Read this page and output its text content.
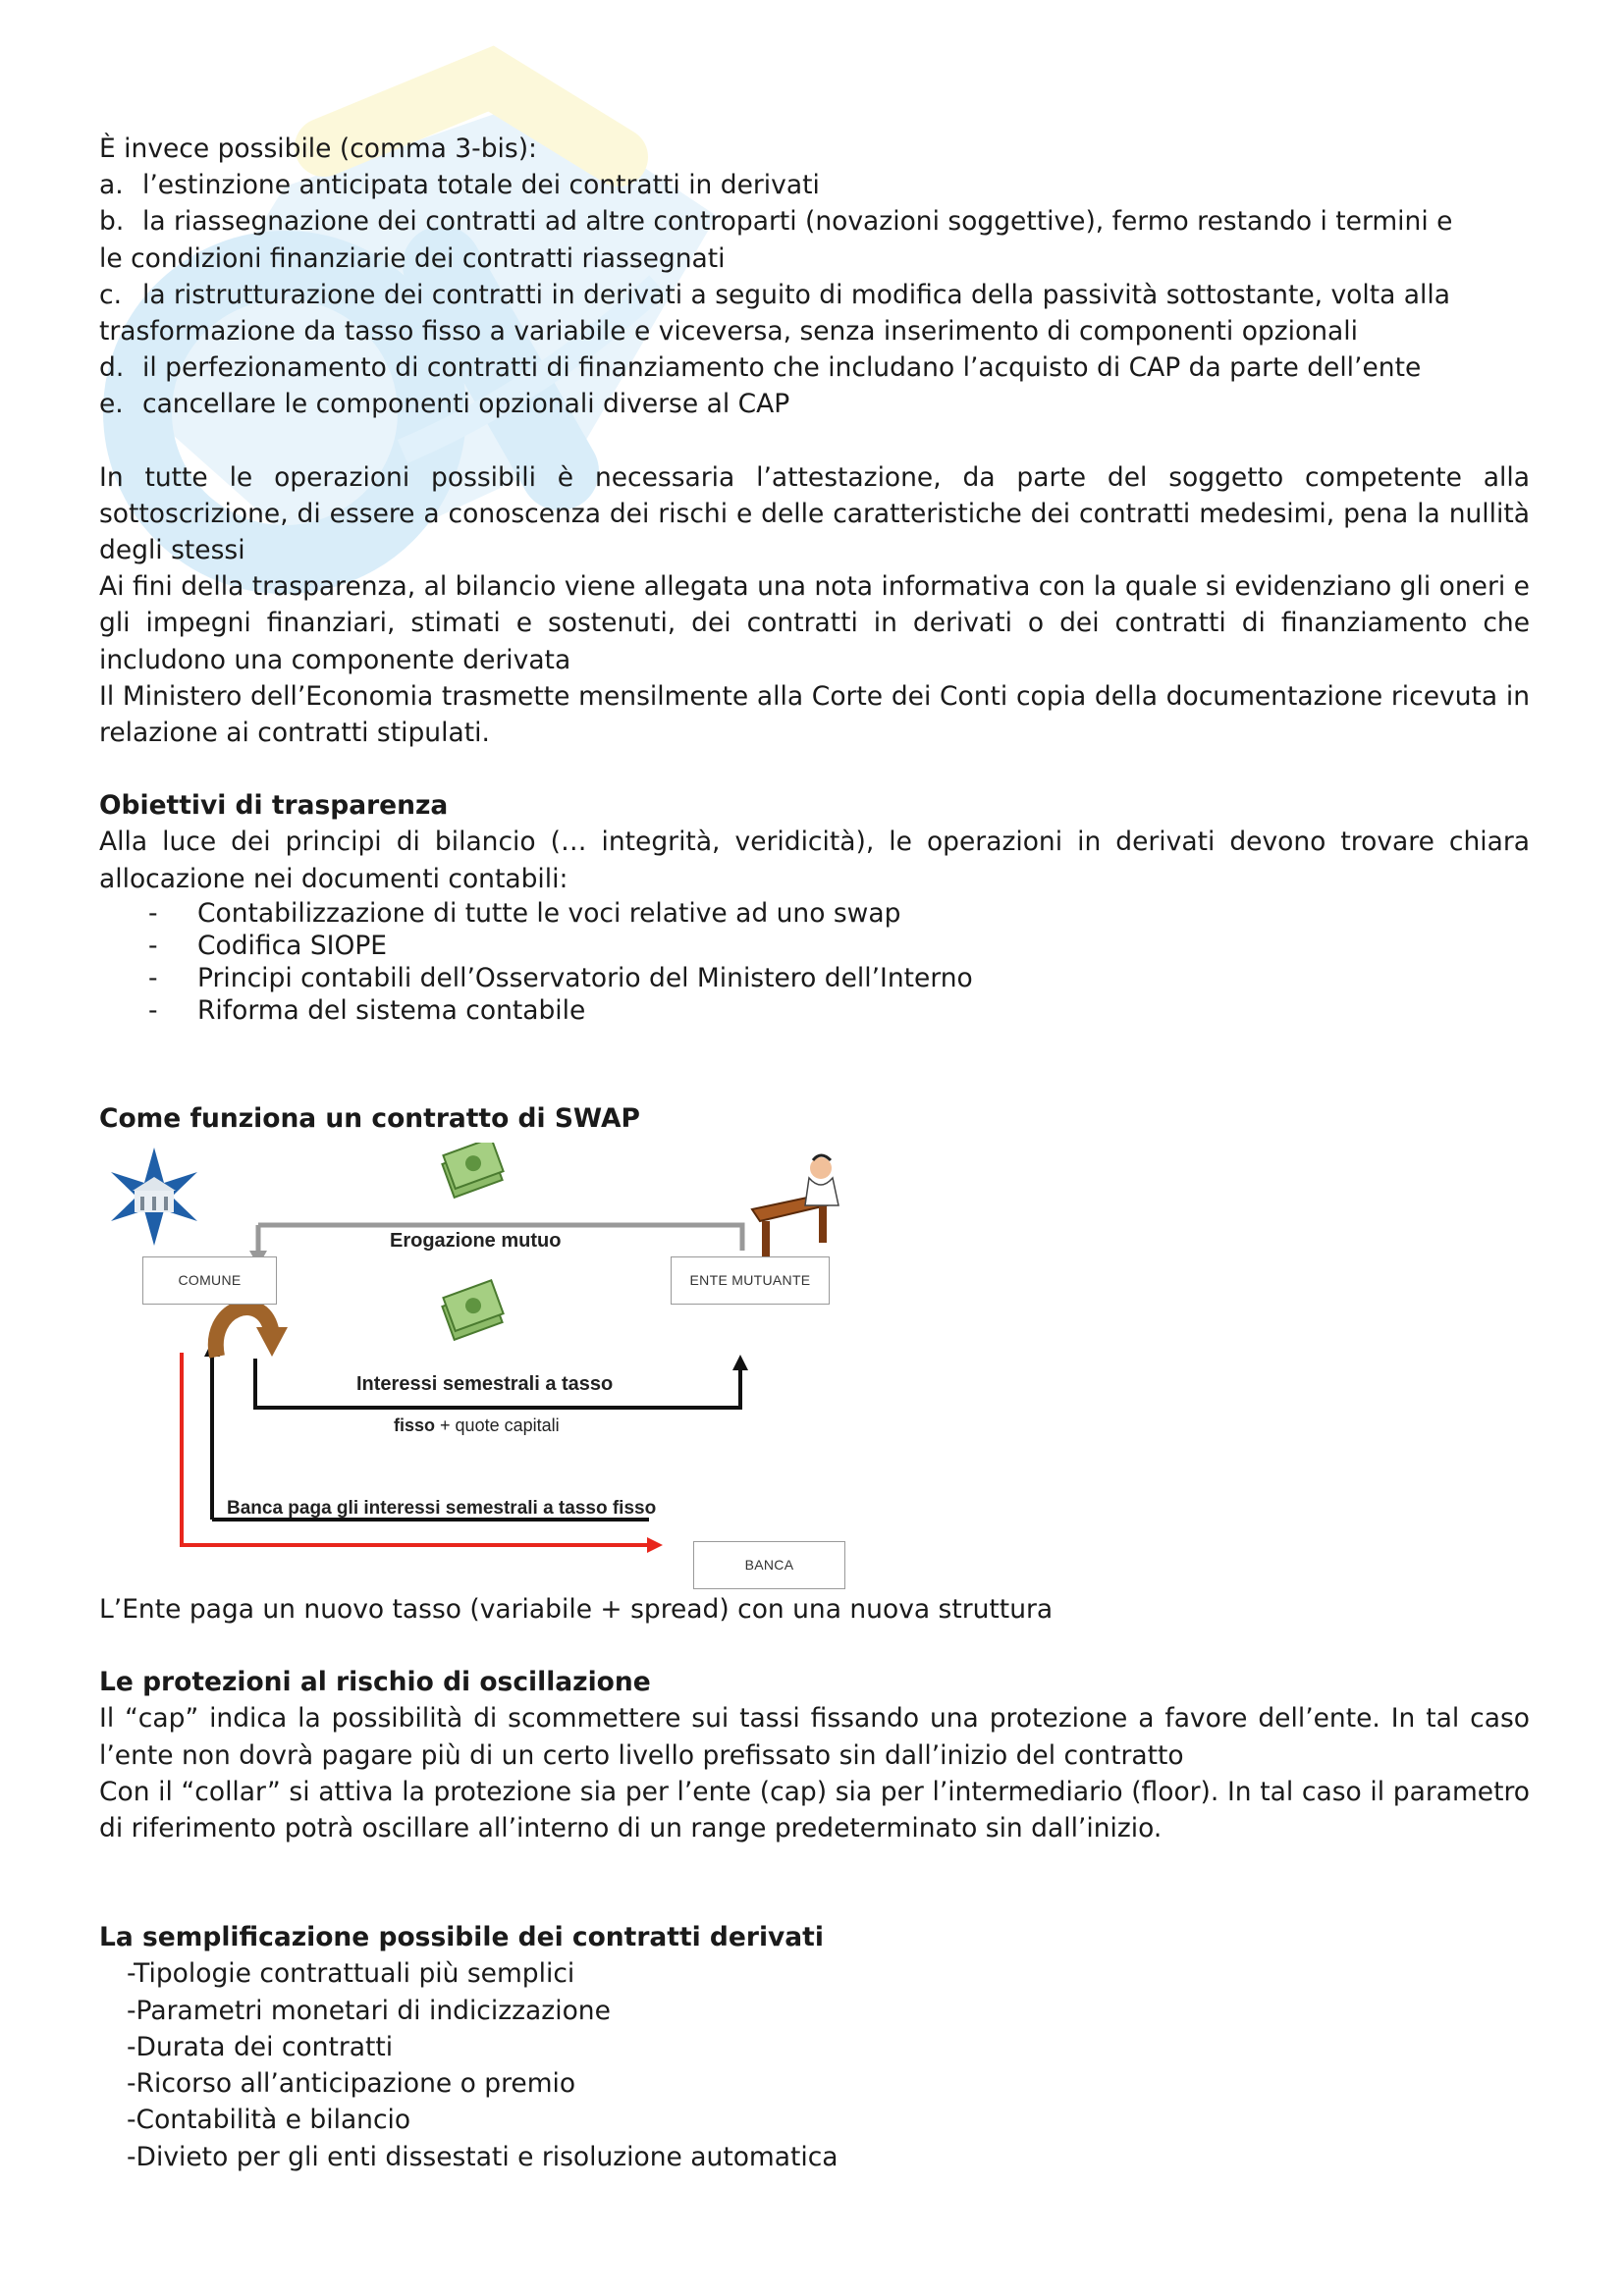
È invece possibile (comma 3-bis):

a. l’estinzione anticipata totale dei contratti in derivati
b. la riassegnazione dei contratti ad altre controparti (novazioni soggettive), fermo restando i termini e

le condizioni finanziarie dei contratti riassegnati

c. la ristrutturazione dei contratti in derivati a seguito di modifica della passività sottostante, volta alla

trasformazione da tasso fisso a variabile e viceversa, senza inserimento di componenti opzionali

d. il perfezionamento di contratti di finanziamento che includano l’acquisto di CAP da parte dell’ente
e. cancellare le componenti opzionali diverse al CAP

In tutte le operazioni possibili è necessaria l’attestazione, da parte del soggetto competente alla sottoscrizione, di essere a conoscenza dei rischi e delle caratteristiche dei contratti medesimi, pena la nullità degli stessi

Ai fini della trasparenza, al bilancio viene allegata una nota informativa con la quale si evidenziano gli oneri e gli impegni finanziari, stimati e sostenuti, dei contratti in derivati o dei contratti di finanziamento che includono una componente derivata

Il Ministero dell’Economia trasmette mensilmente alla Corte dei Conti copia della documentazione ricevuta in relazione ai contratti stipulati.

Obiettivi di trasparenza

Alla luce dei principi di bilancio (… integrità, veridicità), le operazioni in derivati devono trovare chiara allocazione nei documenti contabili:

-	Contabilizzazione di tutte le voci relative ad uno swap
-	Codifica SIOPE
-	Principi contabili dell’Osservatorio del Ministero dell’Interno
-	Riforma del sistema contabile

Come funziona un contratto di SWAP

COMUNE	ENTE MUTUANTE
BANCA
Erogazione mutuo
Interessi semestrali a tasso
fisso + quote capitali
Banca paga gli interessi semestrali a tasso fisso

L’Ente paga un nuovo tasso (variabile + spread) con una nuova struttura

Le protezioni al rischio di oscillazione

Il “cap” indica la possibilità di scommettere sui tassi fissando una protezione a favore dell’ente. In tal caso l’ente non dovrà pagare più di un certo livello prefissato sin dall’inizio del contratto

Con il “collar” si attiva la protezione sia per l’ente (cap) sia per l’intermediario (floor). In tal caso il parametro di riferimento potrà oscillare all’interno di un range predeterminato sin dall’inizio.

La semplificazione possibile dei contratti derivati

-Tipologie contrattuali più semplici

-Parametri monetari di indicizzazione

-Durata dei contratti

-Ricorso all’anticipazione o premio

-Contabilità e bilancio

-Divieto per gli enti dissestati e risoluzione automatica
